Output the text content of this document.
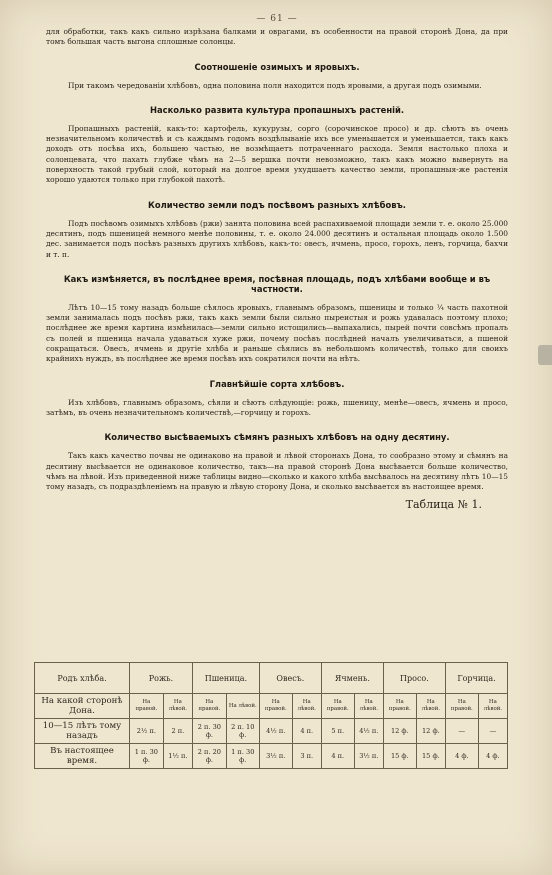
— 61 —

для обработки, такъ какъ сильно изрѣзана балками и оврагами, въ особенности на правой сторонѣ Дона, да при томъ большая часть выгона сплошные солонцы.

Соотношеніе озимыхъ и яровыхъ.

При такомъ чередованіи хлѣбовъ, одна половина поля находится подъ яровыми, а другая подъ озимыми.

Насколько развита культура пропашныхъ растеній.

Пропашныхъ растеній, какъ-то: картофель, кукурузы, сорго (сорочинское просо) и др. сѣютъ въ очень незначительномъ количествѣ и съ каждымъ годомъ воздѣлываніе ихъ все уменьшается и уменьшается, такъ какъ доходъ отъ посѣва ихъ, большею частью, не возмѣщаетъ потраченнаго расхода. Земля настолько плоха и солонцевата, что пахать глубже чѣмъ на 2—5 вершка почти невозможно, такъ какъ можно вывернуть на поверхность такой грубый слой, который на долгое время ухудшаетъ качество земли, пропашныя-же растенія хорошо удаются только при глубокой пахотѣ.

Количество земли подъ посѣвомъ разныхъ хлѣбовъ.

Подъ посѣвомъ озимыхъ хлѣбовъ (ржи) занята половина всей распахиваемой площади земли т. е. около 25.000 десятинъ, подъ пшеницей немного менѣе половины, т. е. около 24.000 десятинъ и остальная площадь около 1.500 дес. занимается подъ посѣвъ разныхъ другихъ хлѣбовъ, какъ-то: овесъ, ячмень, просо, горохъ, ленъ, горчица, бахчи и т. п.

Какъ измѣняется, въ послѣднее время, посѣвная площадь, подъ хлѣбами вообще и въ частности.

Лѣтъ 10—15 тому назадъ больше сѣялось яровыхъ, главнымъ образомъ, пшеницы и только ¼ часть пахотной земли занималась подъ посѣвъ ржи, такъ какъ земли были сильно пыреистыя и рожь удавалась поэтому плохо; послѣднее же время картина измѣнилась—земли сильно истощились—выпахались, пырей почти совсѣмъ пропалъ съ полей и пшеница начала удаваться хуже ржи, почему посѣвъ послѣдней началъ увеличиваться, а пшеной сокращаться. Овесъ, ячмень и другіе хлѣба и раньше сѣялись въ небольшомъ количествѣ, только для своихъ крайнихъ нуждъ, въ послѣднее же время посѣвъ ихъ сократился почти на нѣтъ.

Главнѣйшіе сорта хлѣбовъ.

Изъ хлѣбовъ, главнымъ образомъ, сѣяли и сѣютъ слѣдующіе: рожь, пшеницу, менѣе—овесъ, ячмень и просо, затѣмъ, въ очень незначительномъ количествѣ,—горчицу и горохъ.

Количество высѣваемыхъ сѣмянъ разныхъ хлѣбовъ на одну десятину.

Такъ какъ качество почвы не одинаково на правой и лѣвой сторонахъ Дона, то сообразно этому и сѣмянъ на десятину высѣвается не одинаковое количество, такъ—на правой сторонѣ Дона высѣвается больше количество, чѣмъ на лѣвой. Изъ приведенной ниже таблицы видно—сколько и какого хлѣба высѣвалось на десятину лѣтъ 10—15 тому назадъ, съ подраздѣленіемъ на правую и лѣвую сторону Дона, и сколько высѣвается въ настоящее время.

Таблица № 1.
Родъ хлѣба.	Рожь.		Пшеница.		Овесъ.		Ячмень.		Просо.		Горчица.	
На какой сторонѣ Дона.	На правой.	На лѣвой.	На правой.	На лѣвой.	На правой.	На лѣвой.	На правой.	На лѣвой.	На правой.	На лѣвой.	На правой.	На лѣвой.
10—15 лѣтъ тому назадъ	2½ п.	2 п.	2 п. 30 ф.	2 п. 10 ф.	4½ п.	4 п.	5 п.	4½ п.	12 ф.	12 ф.	—	—
Въ настоящее время.	1 п. 30 ф.	1½ п.	2 п. 20 ф.	1 п. 30 ф.	3½ п.	3 п.	4 п.	3½ п.	15 ф.	15 ф.	4 ф.	4 ф.
